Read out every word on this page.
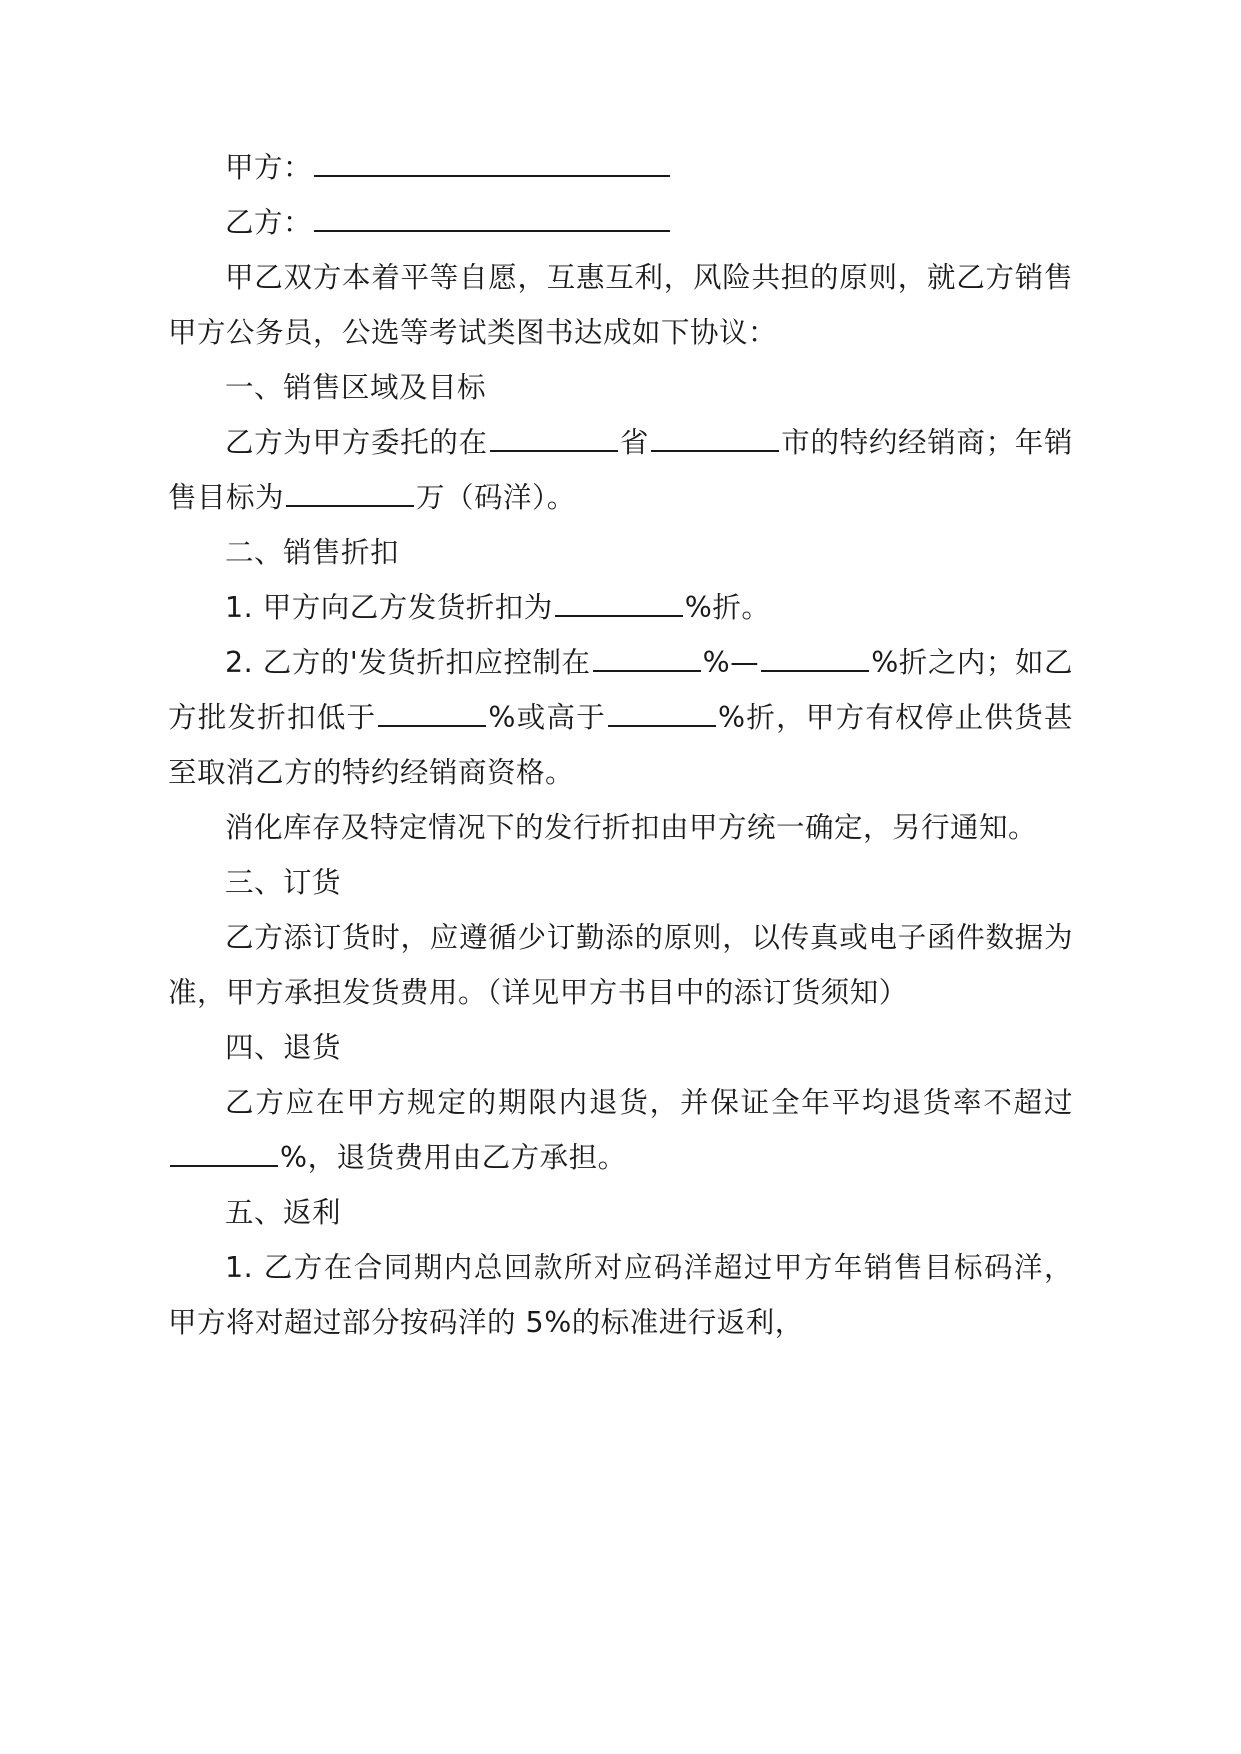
甲方：

乙方：

甲乙双方本着平等自愿，互惠互利，风险共担的原则，就乙方销售甲方公务员，公选等考试类图书达成如下协议：

一、销售区域及目标

乙方为甲方委托的在	省	市的特约经销商；年销售目标为	万（码洋）。

二、销售折扣

1. 甲方向乙方发货折扣为	%折。

2. 乙方的'发货折扣应控制在	%—	%折之内；如乙方批发折扣低于	%或高于	%折，甲方有权停止供货甚至取消乙方的特约经销商资格。

消化库存及特定情况下的发行折扣由甲方统一确定，另行通知。

三、订货

乙方添订货时，应遵循少订勤添的原则，以传真或电子函件数据为准，甲方承担发货费用。（详见甲方书目中的添订货须知）

四、退货

乙方应在甲方规定的期限内退货，并保证全年平均退货率不超过%，退货费用由乙方承担。

五、返利

1. 乙方在合同期内总回款所对应码洋超过甲方年销售目标码洋，甲方将对超过部分按码洋的 5%的标准进行返利，
